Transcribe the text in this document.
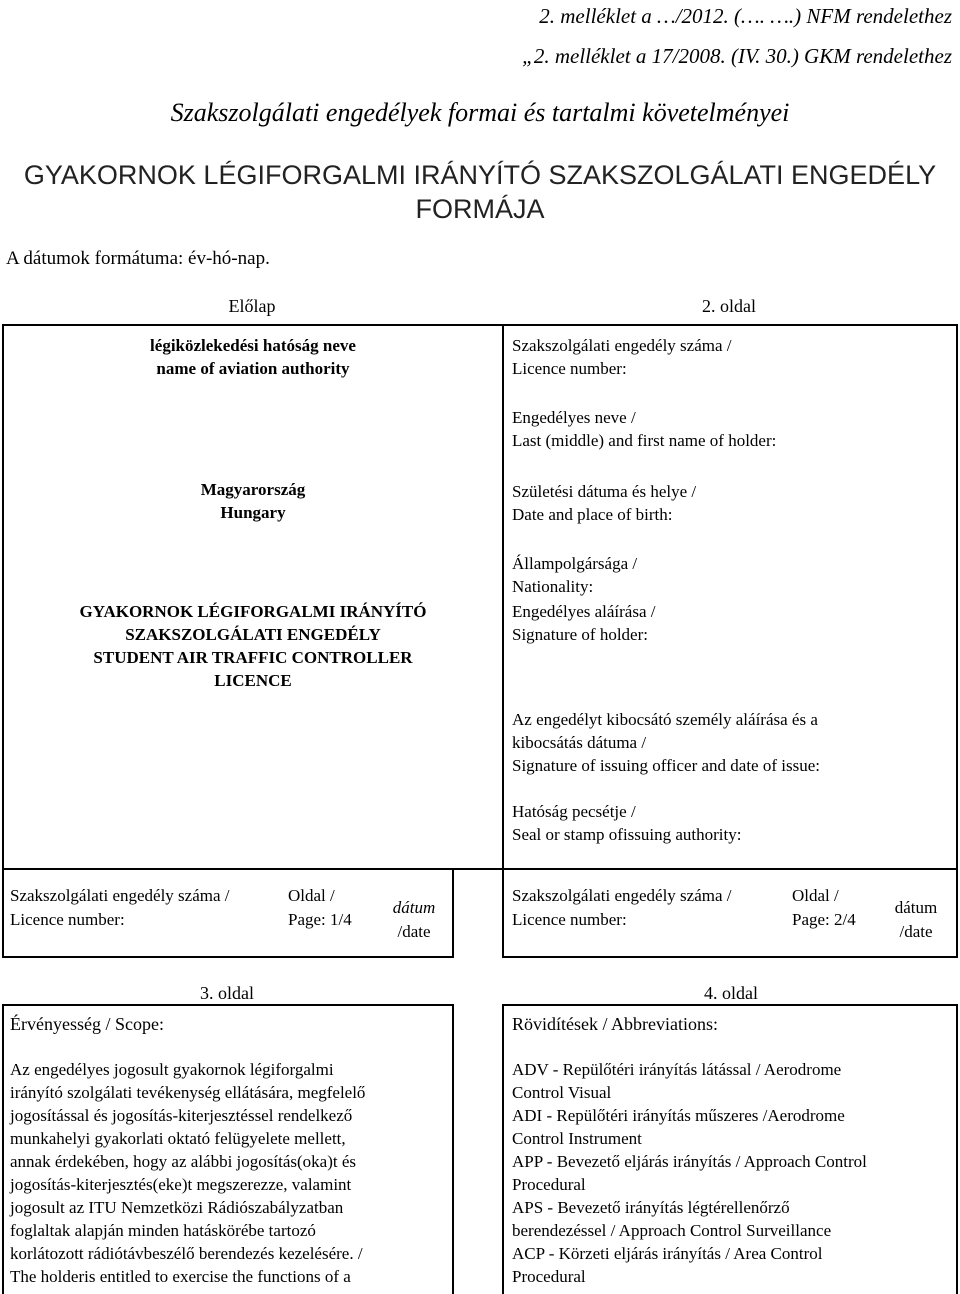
2. melléklet a …/2012. (…. ….) NFM rendelethez
„2. melléklet a 17/2008. (IV. 30.) GKM rendelethez
Szakszolgálati engedélyek formai és tartalmi követelményei
GYAKORNOK LÉGIFORGALMI IRÁNYÍTÓ SZAKSZOLGÁLATI ENGEDÉLY
FORMÁJA
A dátumok formátuma: év-hó-nap.
Előlap	2. oldal
légiközlekedési hatóság neve
name of aviation authority
Magyarország
Hungary
GYAKORNOK LÉGIFORGALMI IRÁNYÍTÓ
SZAKSZOLGÁLATI ENGEDÉLY
STUDENT AIR TRAFFIC CONTROLLER
LICENCE
Szakszolgálati engedély száma /
Licence number:
Engedélyes neve /
Last (middle) and first name of holder:
Születési dátuma és helye /
Date and place of birth:
Állampolgársága /
Nationality:
Engedélyes aláírása /
Signature of holder:
Az engedélyt kibocsátó személy aláírása és a
kibocsátás dátuma /
Signature of issuing officer and date of issue:
Hatóság pecsétje /
Seal or stamp ofissuing authority:
Szakszolgálati engedély száma /
Licence number:
Oldal /
Page: 1/4
dátum
/date
Szakszolgálati engedély száma /
Licence number:
Oldal /
Page: 2/4
dátum
/date
3. oldal	4. oldal
Érvényesség / Scope:
Az engedélyes jogosult gyakornok légiforgalmi
irányító szolgálati tevékenység ellátására, megfelelő
jogosítással és jogosítás-kiterjesztéssel rendelkező
munkahelyi gyakorlati oktató felügyelete mellett,
annak érdekében, hogy az alábbi jogosítás(oka)t és
jogosítás-kiterjesztés(eke)t megszerezze, valamint
jogosult az ITU Nemzetközi Rádiószabályzatban
foglaltak alapján minden hatáskörébe tartozó
korlátozott rádiótávbeszélő berendezés kezelésére. /
The holderis entitled to exercise the functions of a
Rövidítések / Abbreviations:
ADV - Repülőtéri irányítás látással / Aerodrome
Control Visual
ADI - Repülőtéri irányítás műszeres /Aerodrome
Control Instrument
APP - Bevezető eljárás irányítás / Approach Control
Procedural
APS - Bevezető irányítás légtérellenőrző
berendezéssel / Approach Control Surveillance
ACP - Körzeti eljárás irányítás / Area Control
Procedural
